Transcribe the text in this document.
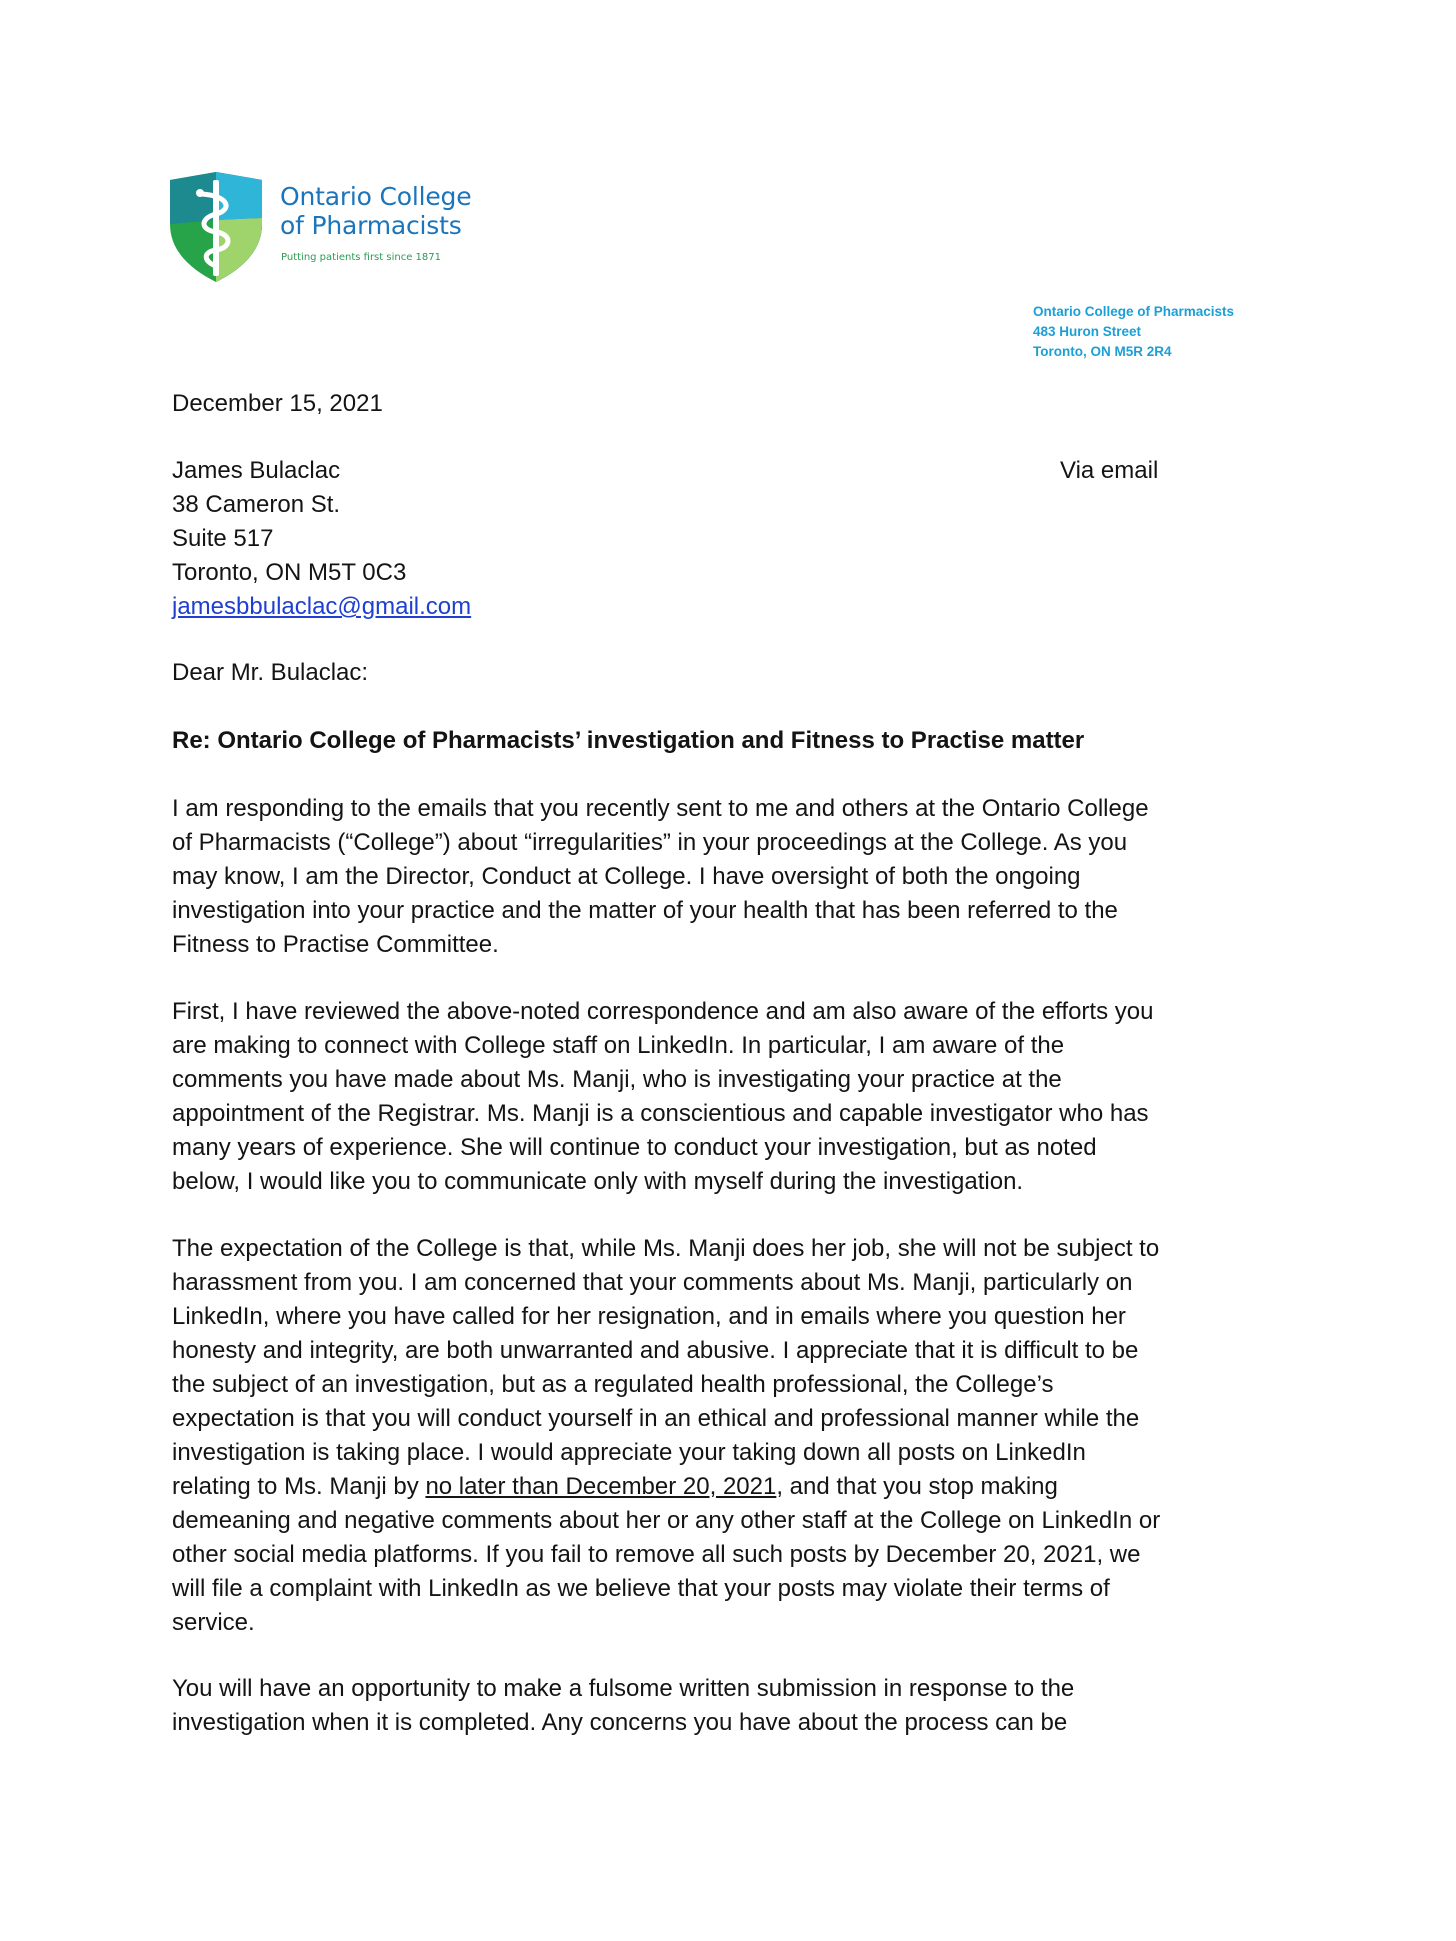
Ontario College
of Pharmacists
Putting patients first since 1871
Ontario College of Pharmacists
483 Huron Street
Toronto, ON M5R 2R4
December 15, 2021
James Bulaclac
38 Cameron St.
Suite 517
Toronto, ON M5T 0C3
jamesbbulaclac@gmail.com
Via email
Dear Mr. Bulaclac:
Re: Ontario College of Pharmacists’ investigation and Fitness to Practise matter
I am responding to the emails that you recently sent to me and others at the Ontario College
of Pharmacists (“College”) about “irregularities” in your proceedings at the College. As you
may know, I am the Director, Conduct at College. I have oversight of both the ongoing
investigation into your practice and the matter of your health that has been referred to the
Fitness to Practise Committee.
First, I have reviewed the above-noted correspondence and am also aware of the efforts you
are making to connect with College staff on LinkedIn. In particular, I am aware of the
comments you have made about Ms. Manji, who is investigating your practice at the
appointment of the Registrar. Ms. Manji is a conscientious and capable investigator who has
many years of experience. She will continue to conduct your investigation, but as noted
below, I would like you to communicate only with myself during the investigation.
The expectation of the College is that, while Ms. Manji does her job, she will not be subject to
harassment from you. I am concerned that your comments about Ms. Manji, particularly on
LinkedIn, where you have called for her resignation, and in emails where you question her
honesty and integrity, are both unwarranted and abusive. I appreciate that it is difficult to be
the subject of an investigation, but as a regulated health professional, the College’s
expectation is that you will conduct yourself in an ethical and professional manner while the
investigation is taking place. I would appreciate your taking down all posts on LinkedIn
relating to Ms. Manji by no later than December 20, 2021, and that you stop making
demeaning and negative comments about her or any other staff at the College on LinkedIn or
other social media platforms. If you fail to remove all such posts by December 20, 2021, we
will file a complaint with LinkedIn as we believe that your posts may violate their terms of
service.
You will have an opportunity to make a fulsome written submission in response to the
investigation when it is completed. Any concerns you have about the process can be
